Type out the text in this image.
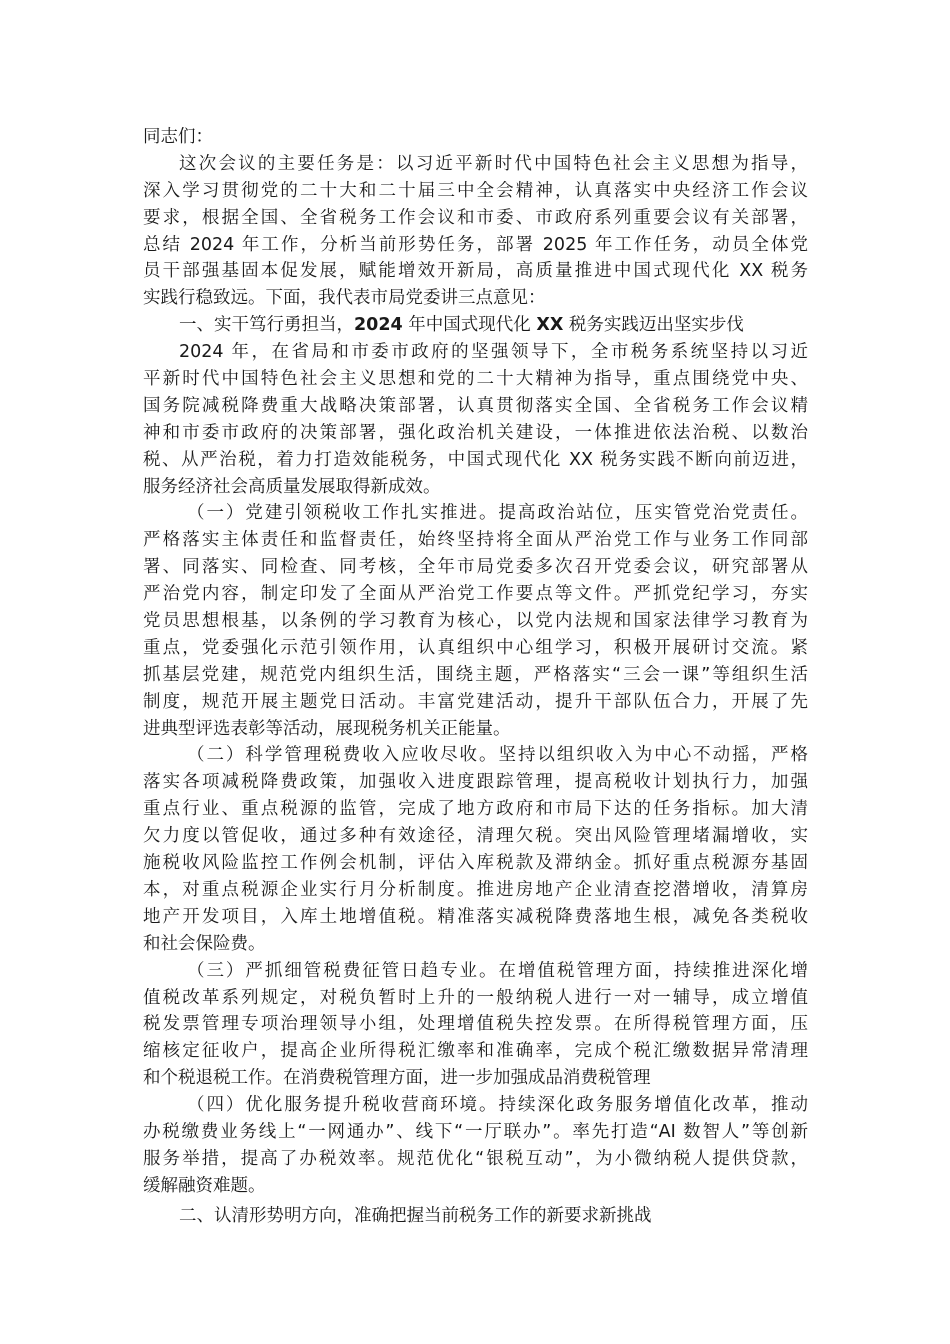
同志们：
这次会议的主要任务是：以习近平新时代中国特色社会主义思想为指导，
深入学习贯彻党的二十大和二十届三中全会精神，认真落实中央经济工作会议
要求，根据全国、全省税务工作会议和市委、市政府系列重要会议有关部署，
总结 2024 年工作，分析当前形势任务，部署 2025 年工作任务，动员全体党
员干部强基固本促发展，赋能增效开新局，高质量推进中国式现代化 XX 税务
实践行稳致远。下面，我代表市局党委讲三点意见：
一、实干笃行勇担当，2024 年中国式现代化 XX 税务实践迈出坚实步伐
2024 年，在省局和市委市政府的坚强领导下，全市税务系统坚持以习近
平新时代中国特色社会主义思想和党的二十大精神为指导，重点围绕党中央、
国务院减税降费重大战略决策部署，认真贯彻落实全国、全省税务工作会议精
神和市委市政府的决策部署，强化政治机关建设，一体推进依法治税、以数治
税、从严治税，着力打造效能税务，中国式现代化 XX 税务实践不断向前迈进，
服务经济社会高质量发展取得新成效。
（一）党建引领税收工作扎实推进。提高政治站位，压实管党治党责任。
严格落实主体责任和监督责任，始终坚持将全面从严治党工作与业务工作同部
署、同落实、同检查、同考核，全年市局党委多次召开党委会议，研究部署从
严治党内容，制定印发了全面从严治党工作要点等文件。严抓党纪学习，夯实
党员思想根基，以条例的学习教育为核心，以党内法规和国家法律学习教育为
重点，党委强化示范引领作用，认真组织中心组学习，积极开展研讨交流。紧
抓基层党建，规范党内组织生活，围绕主题，严格落实“三会一课”等组织生活
制度，规范开展主题党日活动。丰富党建活动，提升干部队伍合力，开展了先
进典型评选表彰等活动，展现税务机关正能量。
（二）科学管理税费收入应收尽收。坚持以组织收入为中心不动摇，严格
落实各项减税降费政策，加强收入进度跟踪管理，提高税收计划执行力，加强
重点行业、重点税源的监管，完成了地方政府和市局下达的任务指标。加大清
欠力度以管促收，通过多种有效途径，清理欠税。突出风险管理堵漏增收，实
施税收风险监控工作例会机制，评估入库税款及滞纳金。抓好重点税源夯基固
本，对重点税源企业实行月分析制度。推进房地产企业清查挖潜增收，清算房
地产开发项目，入库土地增值税。精准落实减税降费落地生根，减免各类税收
和社会保险费。
（三）严抓细管税费征管日趋专业。在增值税管理方面，持续推进深化增
值税改革系列规定，对税负暂时上升的一般纳税人进行一对一辅导，成立增值
税发票管理专项治理领导小组，处理增值税失控发票。在所得税管理方面，压
缩核定征收户，提高企业所得税汇缴率和准确率，完成个税汇缴数据异常清理
和个税退税工作。在消费税管理方面，进一步加强成品消费税管理
（四）优化服务提升税收营商环境。持续深化政务服务增值化改革，推动
办税缴费业务线上“一网通办”、线下“一厅联办”。率先打造“AI 数智人”等创新
服务举措，提高了办税效率。规范优化“银税互动”，为小微纳税人提供贷款，
缓解融资难题。
二、认清形势明方向，准确把握当前税务工作的新要求新挑战
